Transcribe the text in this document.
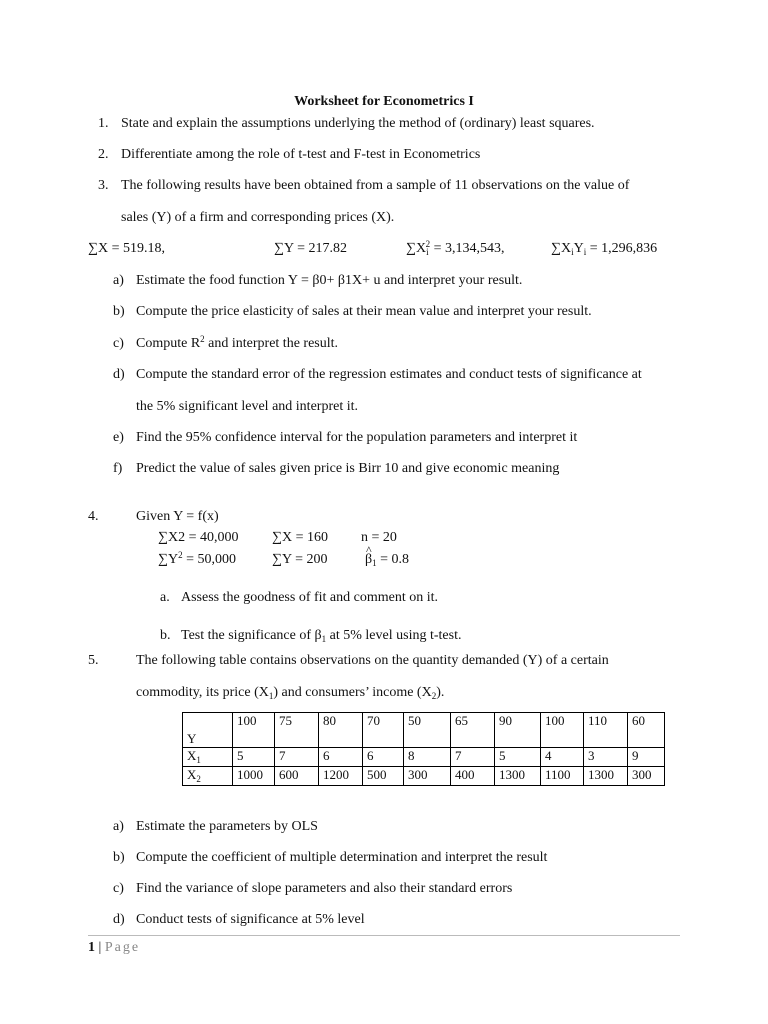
Worksheet for Econometrics I
1. State and explain the assumptions underlying the method of (ordinary) least squares.
2. Differentiate among the role of t-test and F-test in Econometrics
3. The following results have been obtained from a sample of 11 observations on the value of
sales (Y) of a firm and corresponding prices (X).
∑X = 519.18,	∑Y = 217.82	$\sum X_i^2 = 3,134,543$,	$\sum X_iY_i = 1,296,836$
a) Estimate the food function Y = β0+ β1X+ u and interpret your result.
b) Compute the price elasticity of sales at their mean value and interpret your result.
c) Compute $R^2$ and interpret the result.
d) Compute the standard error of the regression estimates and conduct tests of significance at
the 5% significant level and interpret it.
e) Find the 95% confidence interval for the population parameters and interpret it
f) Predict the value of sales given price is Birr 10 and give economic meaning
4.	Given Y = f(x)
∑X2 = 40,000 ∑X = 160 n = 20
$\sum Y^2 = 50,000$	∑Y = 200	^ $\beta_1 = 0.8$
a. Assess the goodness of fit and comment on it.
b. Test the significance of $\beta_1$ at 5% level using t-test.
5.	The following table contains observations on the quantity demanded (Y) of a certain
commodity, its price $(X_1)$ and consumers’ income $(X_2)$.
Y	100	75	80	70	50	65	90	100	110	60
$X_1$	5	7	6	6	8	7	5	4	3	9
$X_2$	1000	600	1200	500	300	400	1300	1100	1300	300
a) Estimate the parameters by OLS
b) Compute the coefficient of multiple determination and interpret the result
c) Find the variance of slope parameters and also their standard errors
d) Conduct tests of significance at 5% level
1 | Page
